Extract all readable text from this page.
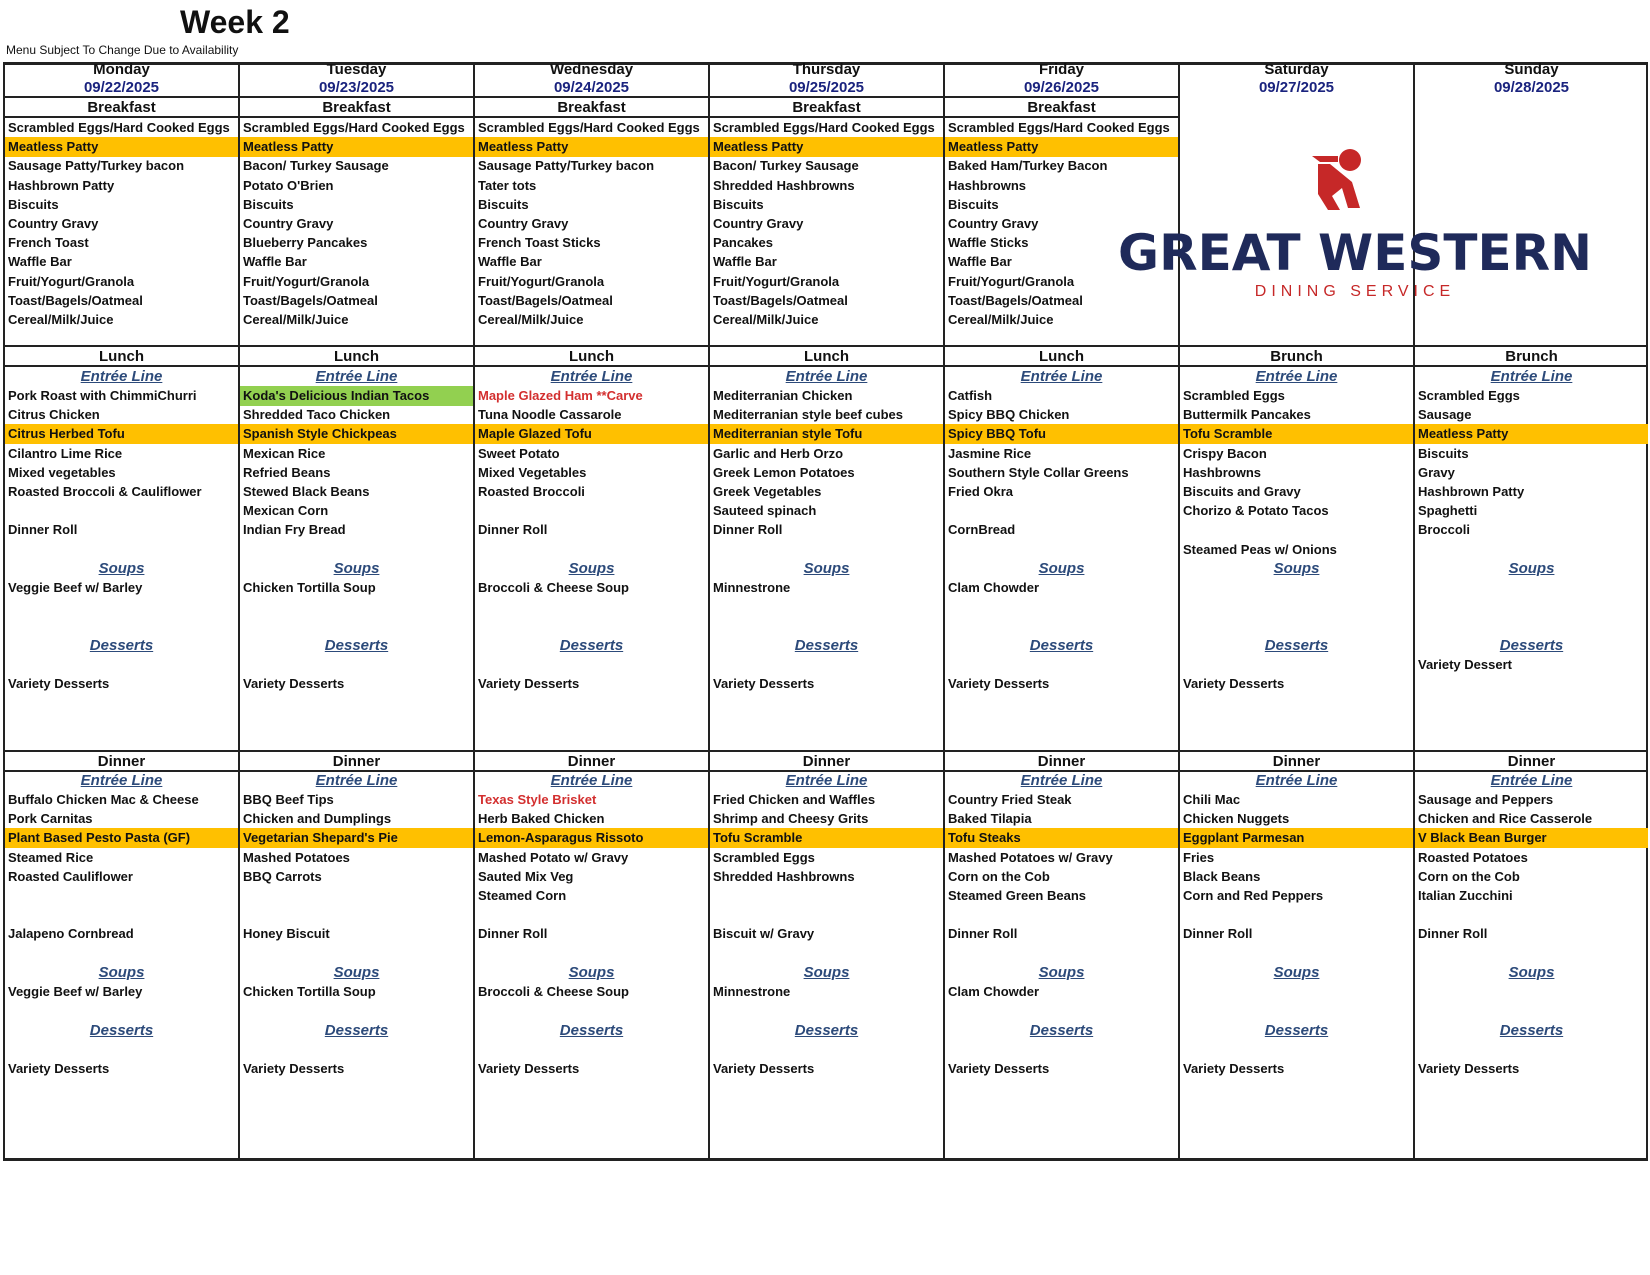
Week 2
Menu Subject To Change Due to Availability
Monday
09/22/2025
Breakfast
Scrambled Eggs/Hard Cooked Eggs
Meatless Patty
Sausage Patty/Turkey bacon
Hashbrown Patty
Biscuits
Country Gravy
French Toast
Waffle Bar
Fruit/Yogurt/Granola
Toast/Bagels/Oatmeal
Cereal/Milk/Juice
Lunch
Entrée Line
Pork Roast with ChimmiChurri
Citrus Chicken
Citrus Herbed Tofu
Cilantro Lime Rice
Mixed vegetables
Roasted Broccoli & Cauliflower
Dinner Roll
Soups
Veggie Beef w/ Barley
Desserts
Variety Desserts
Dinner
Entrée Line
Buffalo Chicken Mac & Cheese
Pork Carnitas
Plant Based Pesto Pasta (GF)
Steamed Rice
Roasted Cauliflower
Jalapeno Cornbread
Soups
Veggie Beef w/ Barley
Desserts
Variety Desserts
Tuesday
09/23/2025
Breakfast
Scrambled Eggs/Hard Cooked Eggs
Meatless Patty
Bacon/ Turkey Sausage
Potato O'Brien
Biscuits
Country Gravy
Blueberry Pancakes
Waffle Bar
Fruit/Yogurt/Granola
Toast/Bagels/Oatmeal
Cereal/Milk/Juice
Lunch
Entrée Line
Koda's Delicious Indian Tacos
Shredded Taco Chicken
Spanish Style Chickpeas
Mexican Rice
Refried Beans
Stewed Black Beans
Mexican Corn
Indian Fry Bread
Soups
Chicken Tortilla Soup
Desserts
Variety Desserts
Dinner
Entrée Line
BBQ Beef Tips
Chicken and Dumplings
Vegetarian Shepard's Pie
Mashed Potatoes
BBQ Carrots
Honey Biscuit
Soups
Chicken Tortilla Soup
Desserts
Variety Desserts
Wednesday
09/24/2025
Breakfast
Scrambled Eggs/Hard Cooked Eggs
Meatless Patty
Sausage Patty/Turkey bacon
Tater tots
Biscuits
Country Gravy
French Toast Sticks
Waffle Bar
Fruit/Yogurt/Granola
Toast/Bagels/Oatmeal
Cereal/Milk/Juice
Lunch
Entrée Line
Maple Glazed Ham **Carve
Tuna Noodle Cassarole
Maple Glazed Tofu
Sweet Potato
Mixed Vegetables
Roasted Broccoli
Dinner Roll
Soups
Broccoli & Cheese Soup
Desserts
Variety Desserts
Dinner
Entrée Line
Texas Style Brisket
Herb Baked Chicken
Lemon-Asparagus Rissoto
Mashed Potato w/ Gravy
Sauted Mix Veg
Steamed Corn
Dinner Roll
Soups
Broccoli & Cheese Soup
Desserts
Variety Desserts
Thursday
09/25/2025
Breakfast
Scrambled Eggs/Hard Cooked Eggs
Meatless Patty
Bacon/ Turkey Sausage
Shredded Hashbrowns
Biscuits
Country Gravy
Pancakes
Waffle Bar
Fruit/Yogurt/Granola
Toast/Bagels/Oatmeal
Cereal/Milk/Juice
Lunch
Entrée Line
Mediterranian Chicken
Mediterranian style beef cubes
Mediterranian style Tofu
Garlic and Herb Orzo
Greek Lemon Potatoes
Greek Vegetables
Sauteed spinach
Dinner Roll
Soups
Minnestrone
Desserts
Variety Desserts
Dinner
Entrée Line
Fried Chicken and Waffles
Shrimp and Cheesy Grits
Tofu Scramble
Scrambled Eggs
Shredded Hashbrowns
Biscuit w/ Gravy
Soups
Minnestrone
Desserts
Variety Desserts
Friday
09/26/2025
Breakfast
Scrambled Eggs/Hard Cooked Eggs
Meatless Patty
Baked Ham/Turkey Bacon
Hashbrowns
Biscuits
Country Gravy
Waffle Sticks
Waffle Bar
Fruit/Yogurt/Granola
Toast/Bagels/Oatmeal
Cereal/Milk/Juice
Lunch
Entrée Line
Catfish
Spicy BBQ Chicken
Spicy BBQ Tofu
Jasmine Rice
Southern Style Collar Greens
Fried Okra
CornBread
Soups
Clam Chowder
Desserts
Variety Desserts
Dinner
Entrée Line
Country Fried Steak
Baked Tilapia
Tofu Steaks
Mashed Potatoes w/ Gravy
Corn on the Cob
Steamed Green Beans
Dinner Roll
Soups
Clam Chowder
Desserts
Variety Desserts
Saturday
09/27/2025
Brunch
Entrée Line
Scrambled Eggs
Buttermilk Pancakes
Tofu Scramble
Crispy Bacon
Hashbrowns
Biscuits and Gravy
Chorizo & Potato Tacos
Steamed Peas w/ Onions
Soups
Desserts
Variety Desserts
Dinner
Entrée Line
Chili Mac
Chicken Nuggets
Eggplant Parmesan
Fries
Black Beans
Corn and Red Peppers
Dinner Roll
Soups
Desserts
Variety Desserts
Sunday
09/28/2025
Brunch
Entrée Line
Scrambled Eggs
Sausage
Meatless Patty
Biscuits
Gravy
Hashbrown Patty
Spaghetti
Broccoli
Soups
Desserts
Variety Dessert
Dinner
Entrée Line
Sausage and Peppers
Chicken and Rice Casserole
V Black Bean Burger
Roasted Potatoes
Corn on the Cob
Italian Zucchini
Dinner Roll
Soups
Desserts
Variety Desserts
GREAT WESTERN
DINING SERVICE
